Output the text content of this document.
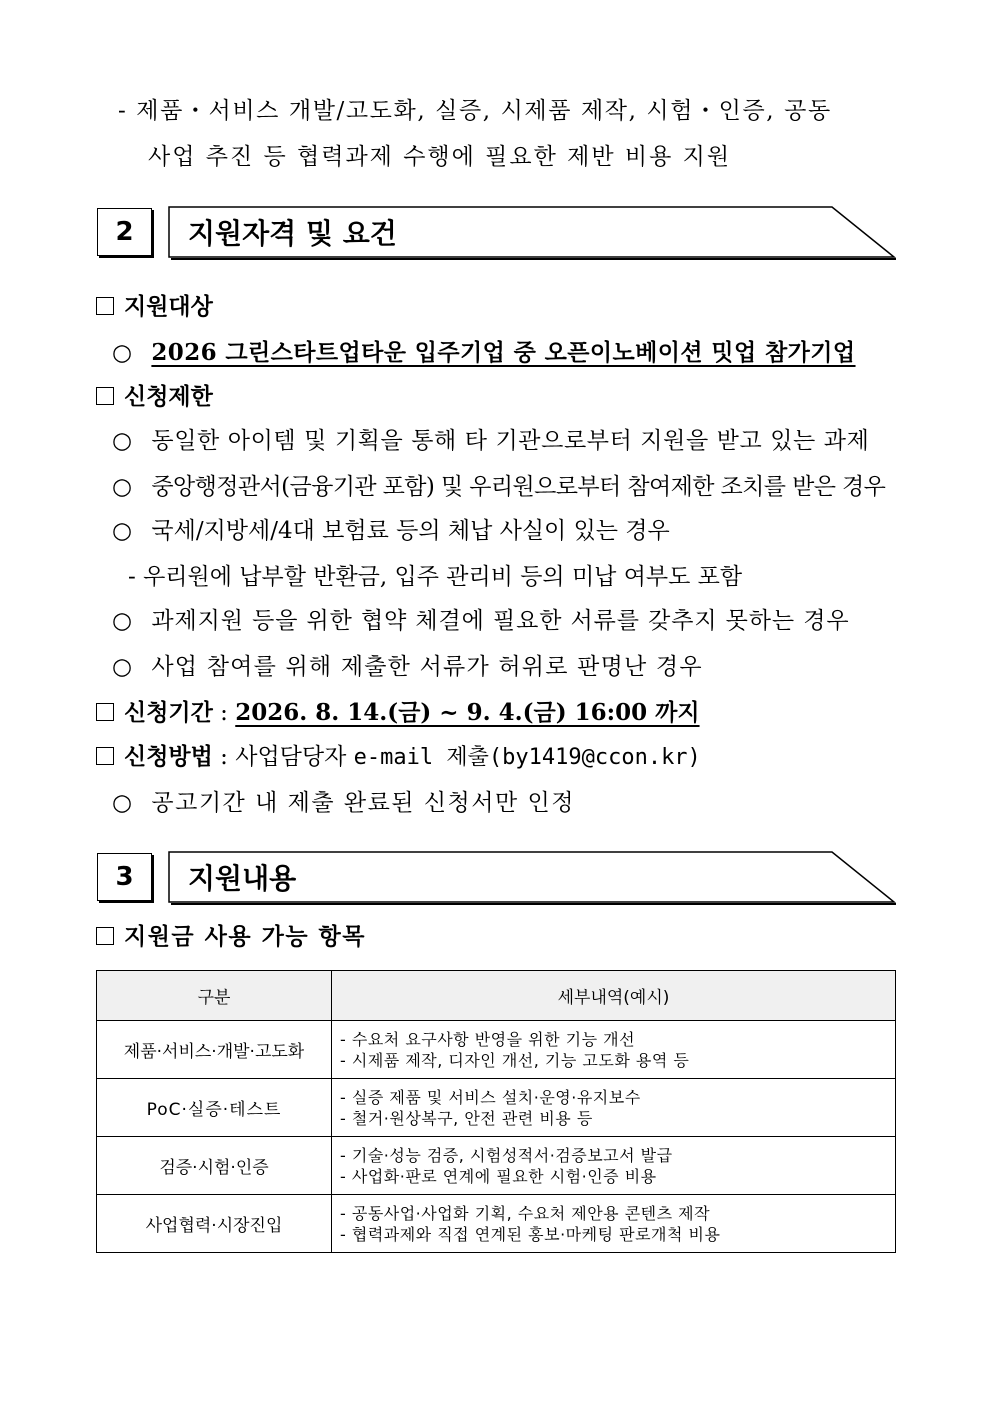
- 제품・서비스 개발/고도화, 실증, 시제품 제작, 시험・인증, 공동
사업 추진 등 협력과제 수행에 필요한 제반 비용 지원
2	지원자격 및 요건
지원대상
○ 2026 그린스타트업타운 입주기업 중 오픈이노베이션 밋업 참가기업
신청제한
○ 동일한 아이템 및 기획을 통해 타 기관으로부터 지원을 받고 있는 과제
○ 중앙행정관서(금융기관 포함) 및 우리원으로부터 참여제한 조치를 받은 경우
○ 국세/지방세/4대 보험료 등의 체납 사실이 있는 경우
- 우리원에 납부할 반환금, 입주 관리비 등의 미납 여부도 포함
○ 과제지원 등을 위한 협약 체결에 필요한 서류를 갖추지 못하는 경우
○ 사업 참여를 위해 제출한 서류가 허위로 판명난 경우
신청기간 : 2026. 8. 14.(금) ~ 9. 4.(금) 16:00 까지
신청방법 : 사업담당자 e-mail 제출(by1419@ccon.kr)
○ 공고기간 내 제출 완료된 신청서만 인정
3	지원내용
지원금 사용 가능 항목
구분	세부내역(예시)
제품·서비스·개발·고도화	- 수요처 요구사항 반영을 위한 기능 개선
- 시제품 제작, 디자인 개선, 기능 고도화 용역 등

PoC·실증·테스트	- 실증 제품 및 서비스 설치·운영·유지보수
- 철거·원상복구, 안전 관련 비용 등

검증·시험·인증	- 기술·성능 검증, 시험성적서·검증보고서 발급
- 사업화·판로 연계에 필요한 시험·인증 비용

사업협력·시장진입	- 공동사업·사업화 기획, 수요처 제안용 콘텐츠 제작
- 협력과제와 직접 연계된 홍보·마케팅 판로개척 비용
